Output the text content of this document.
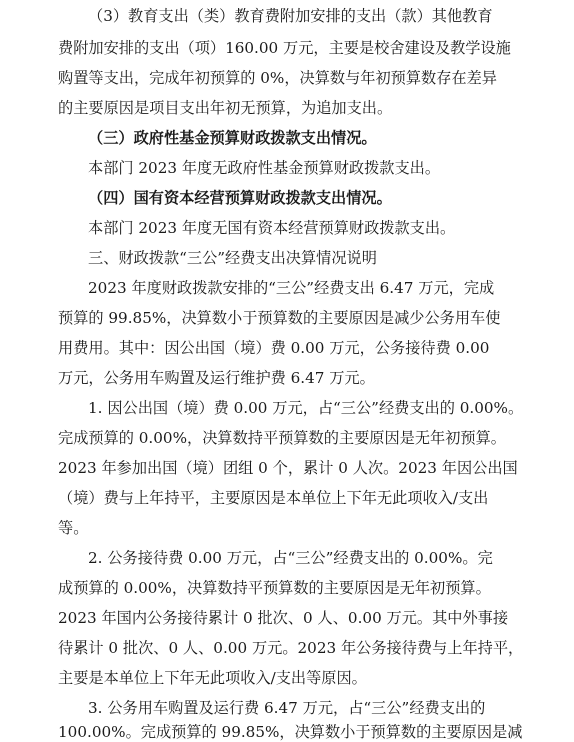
（3）教育支出（类）教育费附加安排的支出（款）其他教育
费附加安排的支出（项）160.00 万元，主要是校舍建设及教学设施
购置等支出，完成年初预算的 0%，决算数与年初预算数存在差异
的主要原因是项目支出年初无预算，为追加支出。
（三）政府性基金预算财政拨款支出情况。
本部门 2023 年度无政府性基金预算财政拨款支出。
（四）国有资本经营预算财政拨款支出情况。
本部门 2023 年度无国有资本经营预算财政拨款支出。
三、财政拨款“三公”经费支出决算情况说明
2023 年度财政拨款安排的“三公”经费支出 6.47 万元，完成
预算的 99.85%，决算数小于预算数的主要原因是减少公务用车使
用费用。其中：因公出国（境）费 0.00 万元，公务接待费 0.00
万元，公务用车购置及运行维护费 6.47 万元。
1. 因公出国（境）费 0.00 万元，占“三公”经费支出的 0.00%。
完成预算的 0.00%，决算数持平预算数的主要原因是无年初预算。
2023 年参加出国（境）团组 0 个，累计 0 人次。2023 年因公出国
（境）费与上年持平，主要原因是本单位上下年无此项收入/支出
等。
2. 公务接待费 0.00 万元，占“三公”经费支出的 0.00%。完
成预算的 0.00%，决算数持平预算数的主要原因是无年初预算。
2023 年国内公务接待累计 0 批次、0 人、0.00 万元。其中外事接
待累计 0 批次、0 人、0.00 万元。2023 年公务接待费与上年持平，
主要是本单位上下年无此项收入/支出等原因。
3. 公务用车购置及运行费 6.47 万元，占“三公”经费支出的
100.00%。完成预算的 99.85%，决算数小于预算数的主要原因是减
